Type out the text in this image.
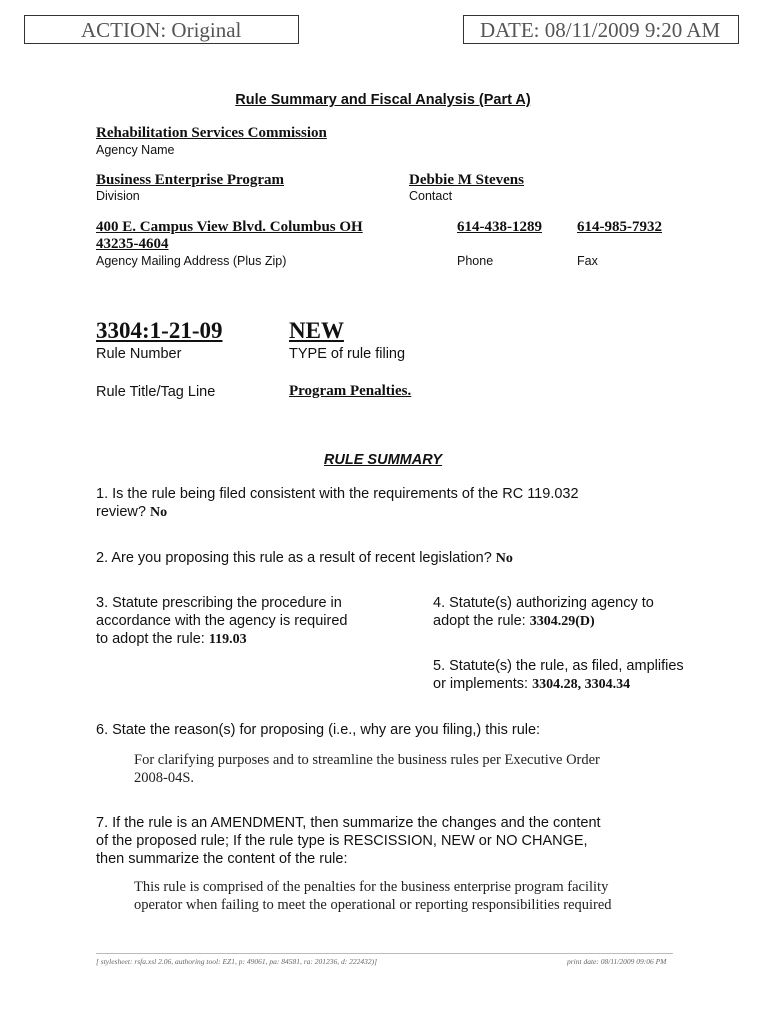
ACTION: Original	DATE: 08/11/2009 9:20 AM
Rule Summary and Fiscal Analysis (Part A)
Rehabilitation Services Commission
Agency Name
Business Enterprise Program
Division
Debbie M Stevens
Contact
400 E. Campus View Blvd. Columbus OH
43235-4604
Agency Mailing Address (Plus Zip)
614-438-1289
Phone
614-985-7932
Fax
3304:1-21-09
Rule Number
NEW
TYPE of rule filing
Rule Title/Tag Line	Program Penalties.
RULE SUMMARY
1. Is the rule being filed consistent with the requirements of the RC 119.032
review? No
2. Are you proposing this rule as a result of recent legislation? No
3. Statute prescribing the procedure in
accordance with the agency is required
to adopt the rule: 119.03
4. Statute(s) authorizing agency to
adopt the rule: 3304.29(D)
5. Statute(s) the rule, as filed, amplifies
or implements: 3304.28, 3304.34
6. State the reason(s) for proposing (i.e., why are you filing,) this rule:
For clarifying purposes and to streamline the business rules per Executive Order
2008-04S.
7. If the rule is an AMENDMENT, then summarize the changes and the content
of the proposed rule; If the rule type is RESCISSION, NEW or NO CHANGE,
then summarize the content of the rule:
This rule is comprised of the penalties for the business enterprise program facility
operator when failing to meet the operational or reporting responsibilities required
[ stylesheet: rsfa.xsl 2.06, authoring tool: EZ1, p: 49061, pa: 84581, ra: 201236, d: 222432)]	print date: 08/11/2009 09:06 PM
